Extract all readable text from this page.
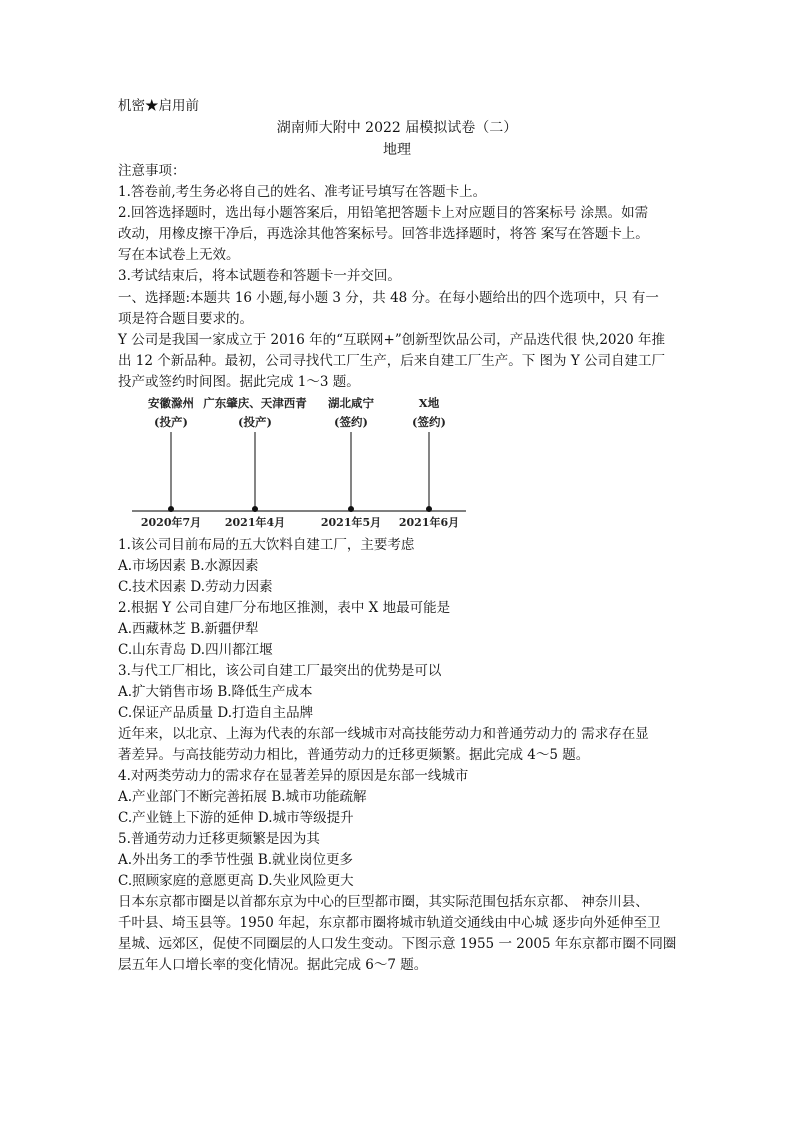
机密★启用前
湖南师大附中 2022 届模拟试卷（二）
地理
注意事项：
1.答卷前,考生务必将自己的姓名、准考证号填写在答题卡上。
2.回答选择题时，选出每小题答案后，用铅笔把答题卡上对应题目的答案标号 涂黑。如需
改动，用橡皮擦干净后，再选涂其他答案标号。回答非选择题时，将答 案写在答题卡上。
写在本试卷上无效。
3.考试结束后，将本试题卷和答题卡一并交回。
一、选择题:本题共 16 小题,每小题 3 分，共 48 分。在每小题给出的四个选项中，只 有一
项是符合题目要求的。
Y 公司是我国一家成立于 2016 年的“互联网+”创新型饮品公司，产品迭代很 快,2020 年推
出 12 个新品种。最初，公司寻找代工厂生产，后来自建工厂生产。下 图为 Y 公司自建工厂
投产或签约时间图。据此完成 1～3 题。
安徽滁州
(投产)
2020年7月
广东肇庆、天津西青
(投产)
2021年4月
湖北咸宁
(签约)
2021年5月
X地
(签约)
2021年6月
1.该公司目前布局的五大饮料自建工厂，主要考虑
A.市场因素 B.水源因素
C.技术因素 D.劳动力因素
2.根据 Y 公司自建厂分布地区推测，表中 X 地最可能是
A.西藏林芝 B.新疆伊犁
C.山东青岛 D.四川都江堰
3.与代工厂相比，该公司自建工厂最突出的优势是可以
A.扩大销售市场 B.降低生产成本
C.保证产品质量 D.打造自主品牌
近年来，以北京、上海为代表的东部一线城市对高技能劳动力和普通劳动力的 需求存在显
著差异。与高技能劳动力相比，普通劳动力的迁移更频繁。据此完成 4～5 题。
4.对两类劳动力的需求存在显著差异的原因是东部一线城市
A.产业部门不断完善拓展 B.城市功能疏解
C.产业链上下游的延伸 D.城市等级提升
5.普通劳动力迁移更频繁是因为其
A.外出务工的季节性强 B.就业岗位更多
C.照顾家庭的意愿更高 D.失业风险更大
日本东京都市圈是以首都东京为中心的巨型都市圈，其实际范围包括东京都、 神奈川县、
千叶县、埼玉县等。1950 年起，东京都市圈将城市轨道交通线由中心城 逐步向外延伸至卫
星城、远郊区，促使不同圈层的人口发生变动。下图示意 1955 一 2005 年东京都市圈不同圈
层五年人口增长率的变化情况。据此完成 6～7 题。
